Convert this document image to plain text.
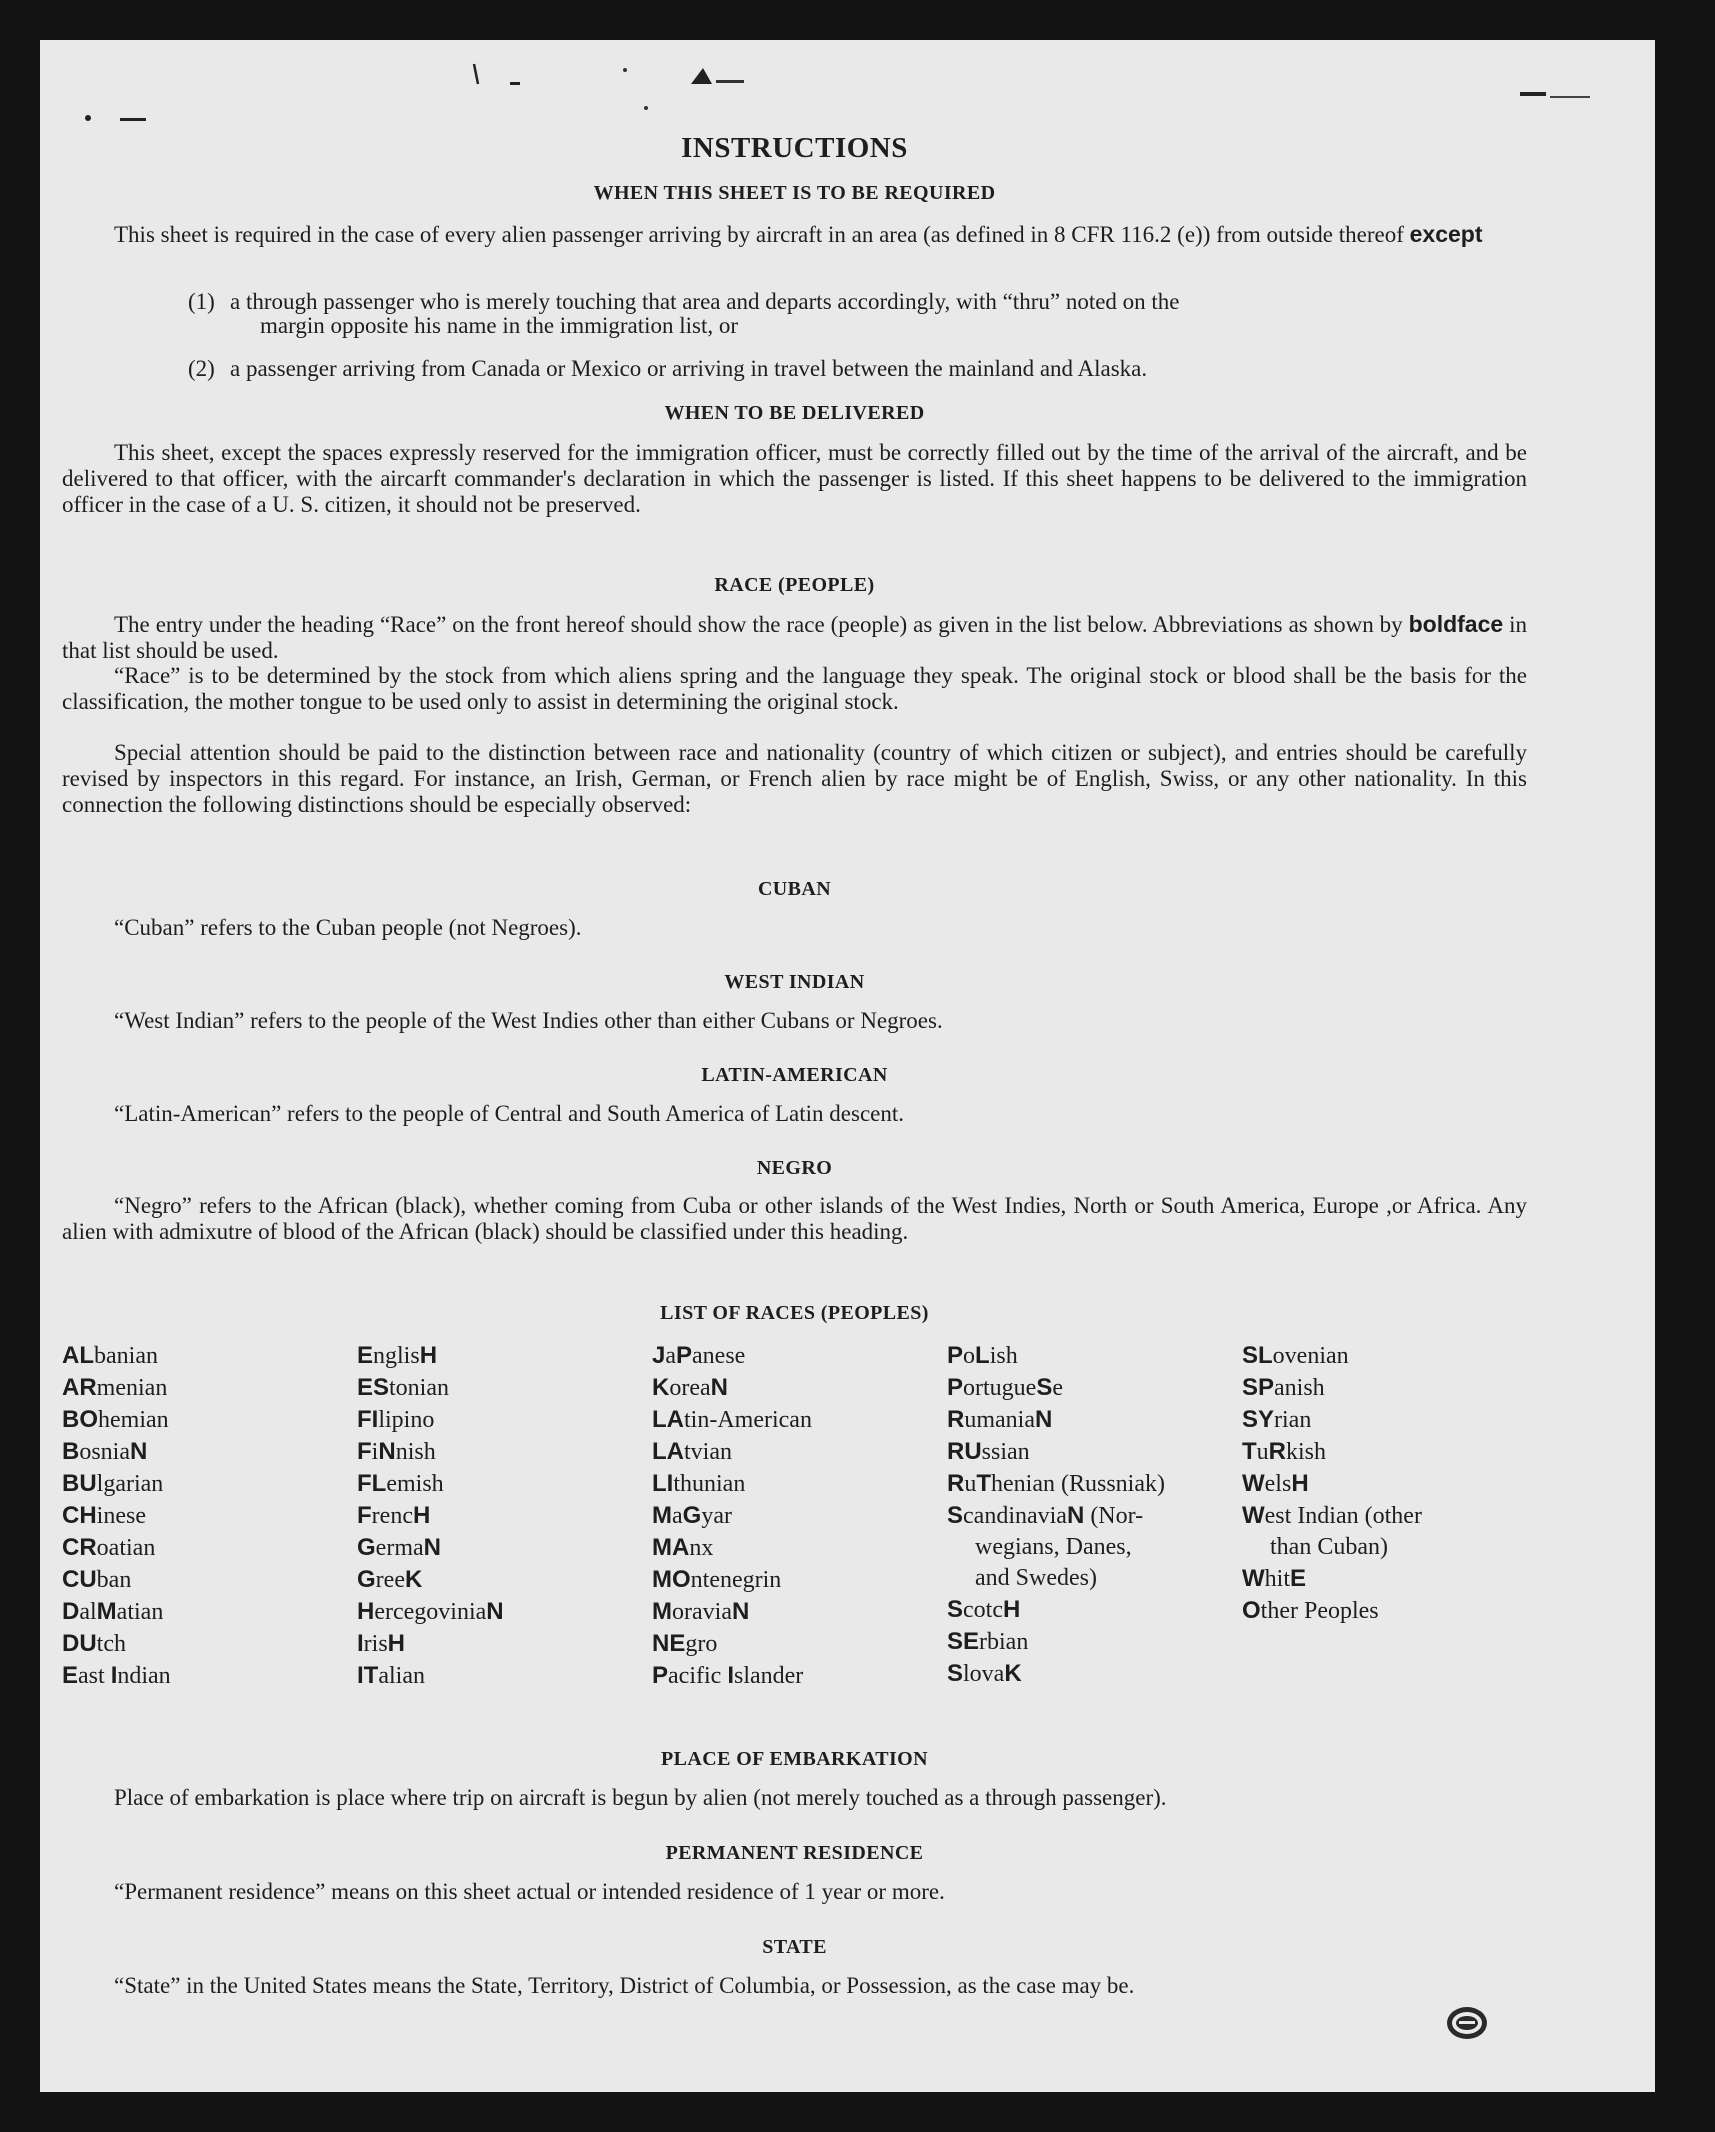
INSTRUCTIONS
WHEN THIS SHEET IS TO BE REQUIRED

This sheet is required in the case of every alien passenger arriving by aircraft in an area (as defined in 8 CFR 116.2 (e)) from outside thereof except

(1) a through passenger who is merely touching that area and departs accordingly, with “thru” noted on the
margin opposite his name in the immigration list, or

(2) a passenger arriving from Canada or Mexico or arriving in travel between the mainland and Alaska.

WHEN TO BE DELIVERED

This sheet, except the spaces expressly reserved for the immigration officer, must be correctly filled out by the time of the arrival of the aircraft, and be delivered to that officer, with the aircarft commander's declaration in which the passenger is listed. If this sheet happens to be delivered to the immigration officer in the case of a U. S. citizen, it should not be preserved.

RACE (PEOPLE)

The entry under the heading “Race” on the front hereof should show the race (people) as given in the list below. Abbreviations as shown by boldface in that list should be used.

“Race” is to be determined by the stock from which aliens spring and the language they speak. The original stock or blood shall be the basis for the classification, the mother tongue to be used only to assist in determining the original stock.

Special attention should be paid to the distinction between race and nationality (country of which citizen or subject), and entries should be carefully revised by inspectors in this regard. For instance, an Irish, German, or French alien by race might be of English, Swiss, or any other nationality. In this connection the following distinctions should be especially observed:

CUBAN

“Cuban” refers to the Cuban people (not Negroes).

WEST INDIAN

“West Indian” refers to the people of the West Indies other than either Cubans or Negroes.

LATIN-AMERICAN

“Latin-American” refers to the people of Central and South America of Latin descent.

NEGRO

“Negro” refers to the African (black), whether coming from Cuba or other islands of the West Indies, North or South America, Europe ,or Africa. Any alien with admixutre of blood of the African (black) should be classified under this heading.

LIST OF RACES (PEOPLES)
ALbanian
ARmenian
BOhemian
BosniaN
BUlgarian
CHinese
CRoatian
CUban
DalMatian
DUtch
East Indian
EnglisH
EStonian
FIlipino
FiNnish
FLemish
FrencH
GermaN
GreeK
HercegoviniaN
IrisH
ITalian
JaPanese
KoreaN
LAtin-American
LAtvian
LIthunian
MaGyar
MAnx
MOntenegrin
MoraviaN
NEgro
Pacific Islander
PoLish
PortugueSe
RumaniaN
RUssian
RuThenian (Russniak)
ScandinaviaN (Nor-
wegians, Danes,
and Swedes)
ScotcH
SErbian
SlovaK
SLovenian
SPanish
SYrian
TuRkish
WelsH
West Indian (other
than Cuban)
WhitE
Other Peoples
PLACE OF EMBARKATION

Place of embarkation is place where trip on aircraft is begun by alien (not merely touched as a through passenger).

PERMANENT RESIDENCE

“Permanent residence” means on this sheet actual or intended residence of 1 year or more.

STATE

“State” in the United States means the State, Territory, District of Columbia, or Possession, as the case may be.
